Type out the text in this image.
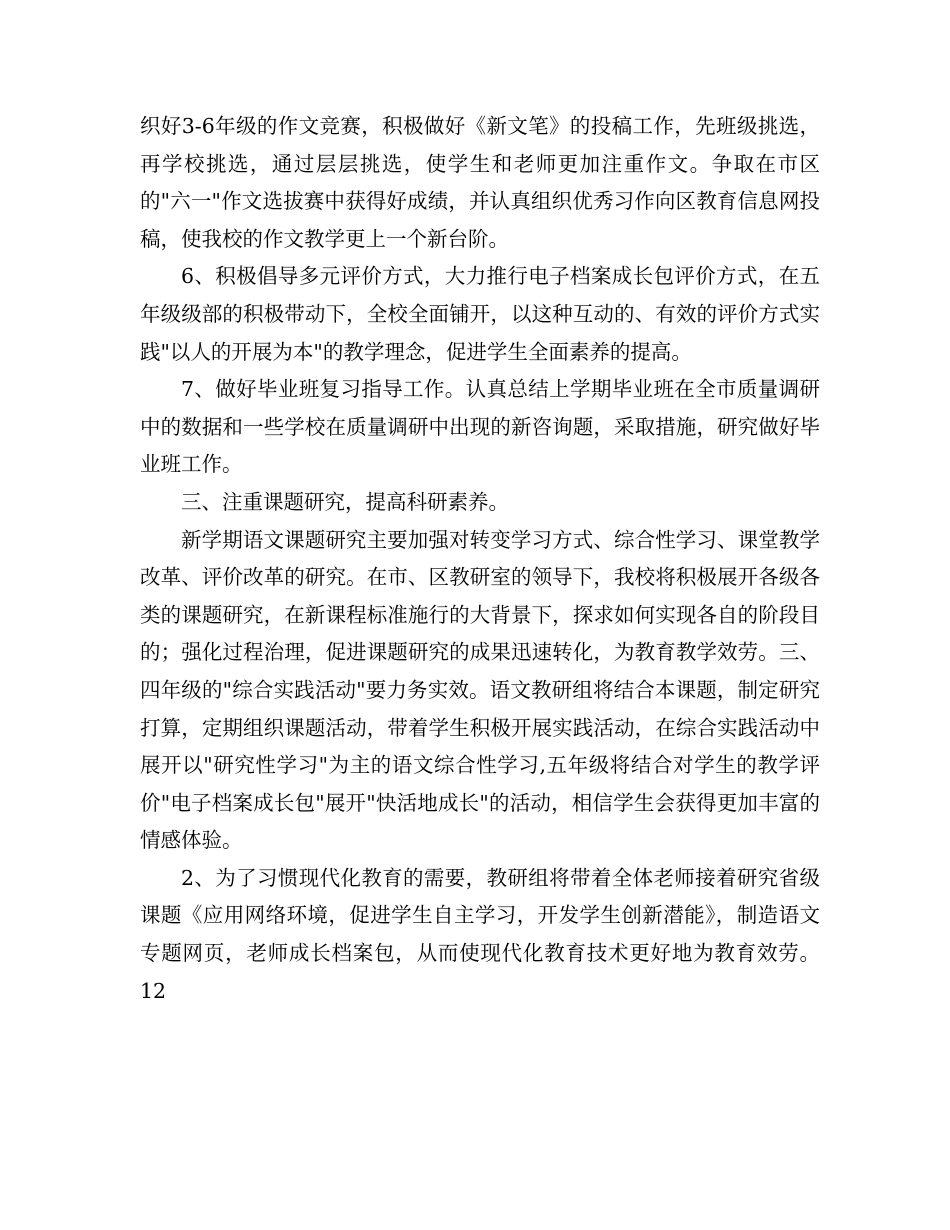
织好3-6年级的作文竞赛，积极做好《新文笔》的投稿工作，先班级挑选，再学校挑选，通过层层挑选，使学生和老师更加注重作文。争取在市区的"六一"作文选拔赛中获得好成绩，并认真组织优秀习作向区教育信息网投稿，使我校的作文教学更上一个新台阶。

6、积极倡导多元评价方式，大力推行电子档案成长包评价方式，在五年级级部的积极带动下，全校全面铺开，以这种互动的、有效的评价方式实践"以人的开展为本"的教学理念，促进学生全面素养的提高。

7、做好毕业班复习指导工作。认真总结上学期毕业班在全市质量调研中的数据和一些学校在质量调研中出现的新咨询题，采取措施，研究做好毕业班工作。

三、注重课题研究，提高科研素养。

新学期语文课题研究主要加强对转变学习方式、综合性学习、课堂教学改革、评价改革的研究。在市、区教研室的领导下，我校将积极展开各级各类的课题研究，在新课程标准施行的大背景下，探求如何实现各自的阶段目的；强化过程治理，促进课题研究的成果迅速转化，为教育教学效劳。三、四年级的"综合实践活动"要力务实效。语文教研组将结合本课题，制定研究打算，定期组织课题活动，带着学生积极开展实践活动，在综合实践活动中展开以"研究性学习"为主的语文综合性学习,五年级将结合对学生的教学评价"电子档案成长包"展开"快活地成长"的活动，相信学生会获得更加丰富的情感体验。

2、为了习惯现代化教育的需要，教研组将带着全体老师接着研究省级课题《应用网络环境，促进学生自主学习，开发学生创新潜能》，制造语文专题网页，老师成长档案包，从而使现代化教育技术更好地为教育效劳。12
